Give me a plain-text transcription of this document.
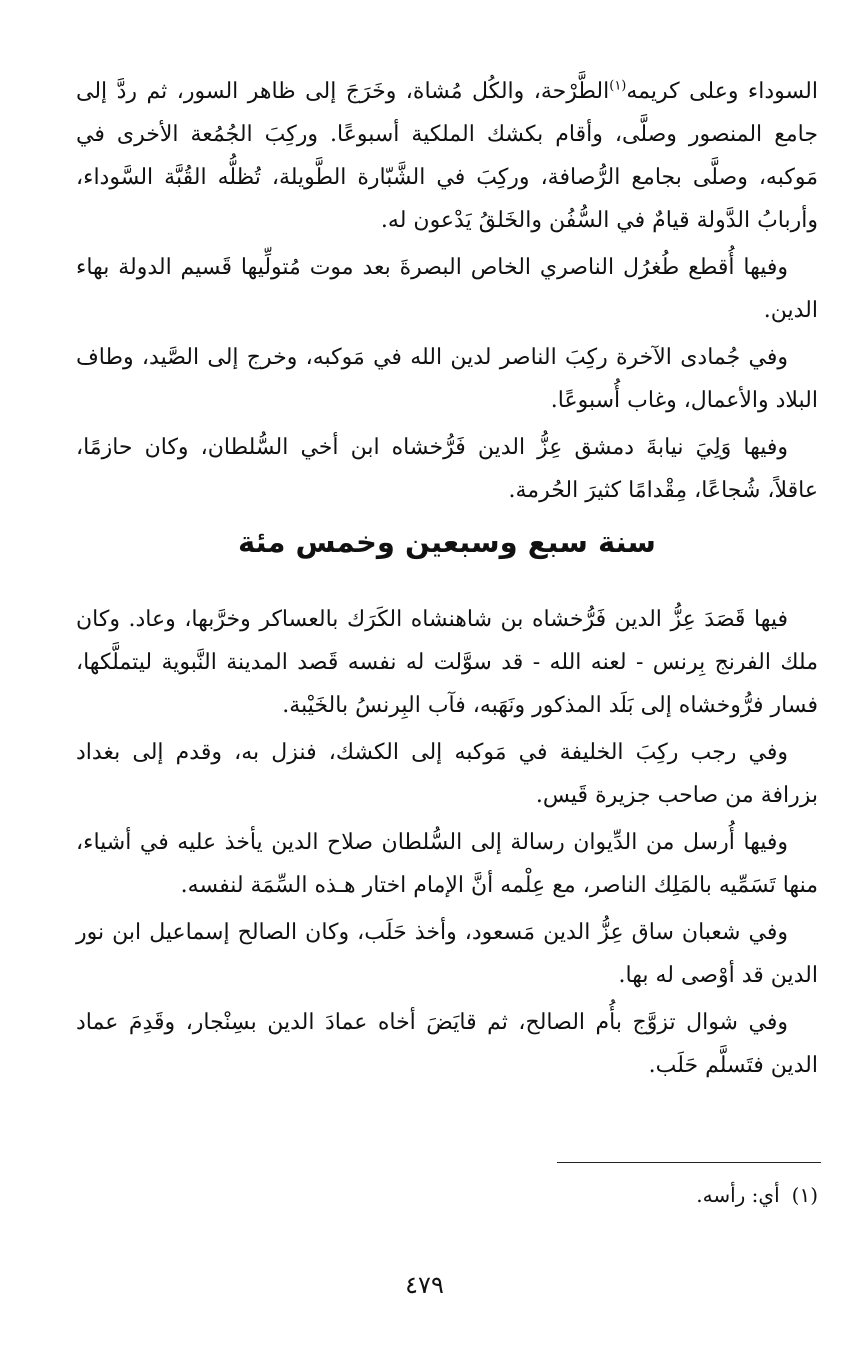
السوداء وعلى كريمه$^{(١)}$الطَّرْحة، والكُل مُشاة، وخَرَجَ إلى ظاهر السور، ثم ردَّ إلى جامع المنصور وصلَّى، وأقام بكشك الملكية أسبوعًا. وركِبَ الجُمُعة الأخرى في مَوكبه، وصلَّى بجامع الرُّصافة، وركِبَ في الشَّبّارة الطَّويلة، تُظلُّه القُبَّة السَّوداء، وأربابُ الدَّولة قيامٌ في السُّفُن والخَلقُ يَدْعون له.

وفيها أُقطع طُغرُل الناصري الخاص البصرةَ بعد موت مُتولِّيها قَسيم الدولة بهاء الدين.

وفي جُمادى الآخرة ركِبَ الناصر لدين الله في مَوكبه، وخرج إلى الصَّيد، وطاف البلاد والأعمال، وغاب أُسبوعًا.

وفيها وَلِيَ نيابةَ دمشق عِزُّ الدين فَرُّخشاه ابن أخي السُّلطان، وكان حازمًا، عاقلاً، شُجاعًا، مِقْدامًا كثيرَ الحُرمة.

سنة سبع وسبعين وخمس مئة

فيها قَصَدَ عِزُّ الدين فَرُّخشاه بن شاهنشاه الكَرَك بالعساكر وخرَّبها، وعاد. وكان ملك الفرنج بِرنس - لعنه الله - قد سوَّلت له نفسه قَصد المدينة النَّبوية ليتملَّكها، فسار فرُّوخشاه إلى بَلَد المذكور ونَهَبه، فآب البِرنسُ بالخَيْبة.

وفي رجب ركِبَ الخليفة في مَوكبه إلى الكشك، فنزل به، وقدم إلى بغداد بزرافة من صاحب جزيرة قَيس.

وفيها أُرسل من الدِّيوان رسالة إلى السُّلطان صلاح الدين يأخذ عليه في أشياء، منها تَسَمِّيه بالمَلِك الناصر، مع عِلْمه أنَّ الإمام اختار هـذه السِّمَة لنفسه.

وفي شعبان ساق عِزُّ الدين مَسعود، وأخذ حَلَب، وكان الصالح إسماعيل ابن نور الدين قد أوْصى له بها.

وفي شوال تزوَّج بأُم الصالح، ثم قايَضَ أخاه عمادَ الدين بسِنْجار، وقَدِمَ عماد الدين فتَسلَّم حَلَب.

(١)أي: رأسه.
٤٧٩
